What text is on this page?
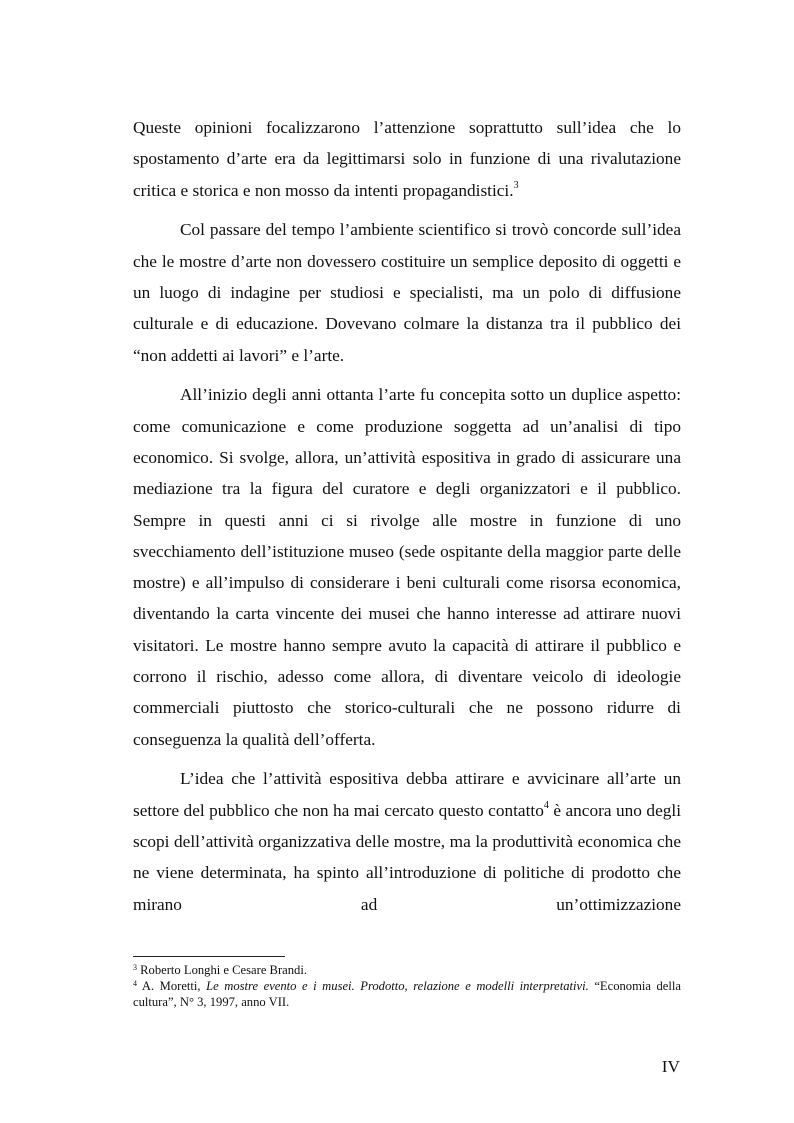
Queste opinioni focalizzarono l’attenzione soprattutto sull’idea che lo spostamento d’arte era da legittimarsi solo in funzione di una rivalutazione critica e storica e non mosso da intenti propagandistici.$^3$

Col passare del tempo l’ambiente scientifico si trovò concorde sull’idea che le mostre d’arte non dovessero costituire un semplice deposito di oggetti e un luogo di indagine per studiosi e specialisti, ma un polo di diffusione culturale e di educazione. Dovevano colmare la distanza tra il pubblico dei “non addetti ai lavori” e l’arte.

All’inizio degli anni ottanta l’arte fu concepita sotto un duplice aspetto: come comunicazione e come produzione soggetta ad un’analisi di tipo economico. Si svolge, allora, un’attività espositiva in grado di assicurare una mediazione tra la figura del curatore e degli organizzatori e il pubblico. Sempre in questi anni ci si rivolge alle mostre in funzione di uno svecchiamento dell’istituzione museo (sede ospitante della maggior parte delle mostre) e all’impulso di considerare i beni culturali come risorsa economica, diventando la carta vincente dei musei che hanno interesse ad attirare nuovi visitatori. Le mostre hanno sempre avuto la capacità di attirare il pubblico e corrono il rischio, adesso come allora, di diventare veicolo di ideologie commerciali piuttosto che storico-culturali che ne possono ridurre di conseguenza la qualità dell’offerta.

L’idea che l’attività espositiva debba attirare e avvicinare all’arte un settore del pubblico che non ha mai cercato questo contatto$^4$ è ancora uno degli scopi dell’attività organizzativa delle mostre, ma la produttività economica che ne viene determinata, ha spinto all’introduzione di politiche di prodotto che mirano ad un’ottimizzazione

$^3$ Roberto Longhi e Cesare Brandi.
$^4$ A. Moretti, Le mostre evento e i musei. Prodotto, relazione e modelli interpretativi. “Economia della cultura”, N° 3, 1997, anno VII.
IV
